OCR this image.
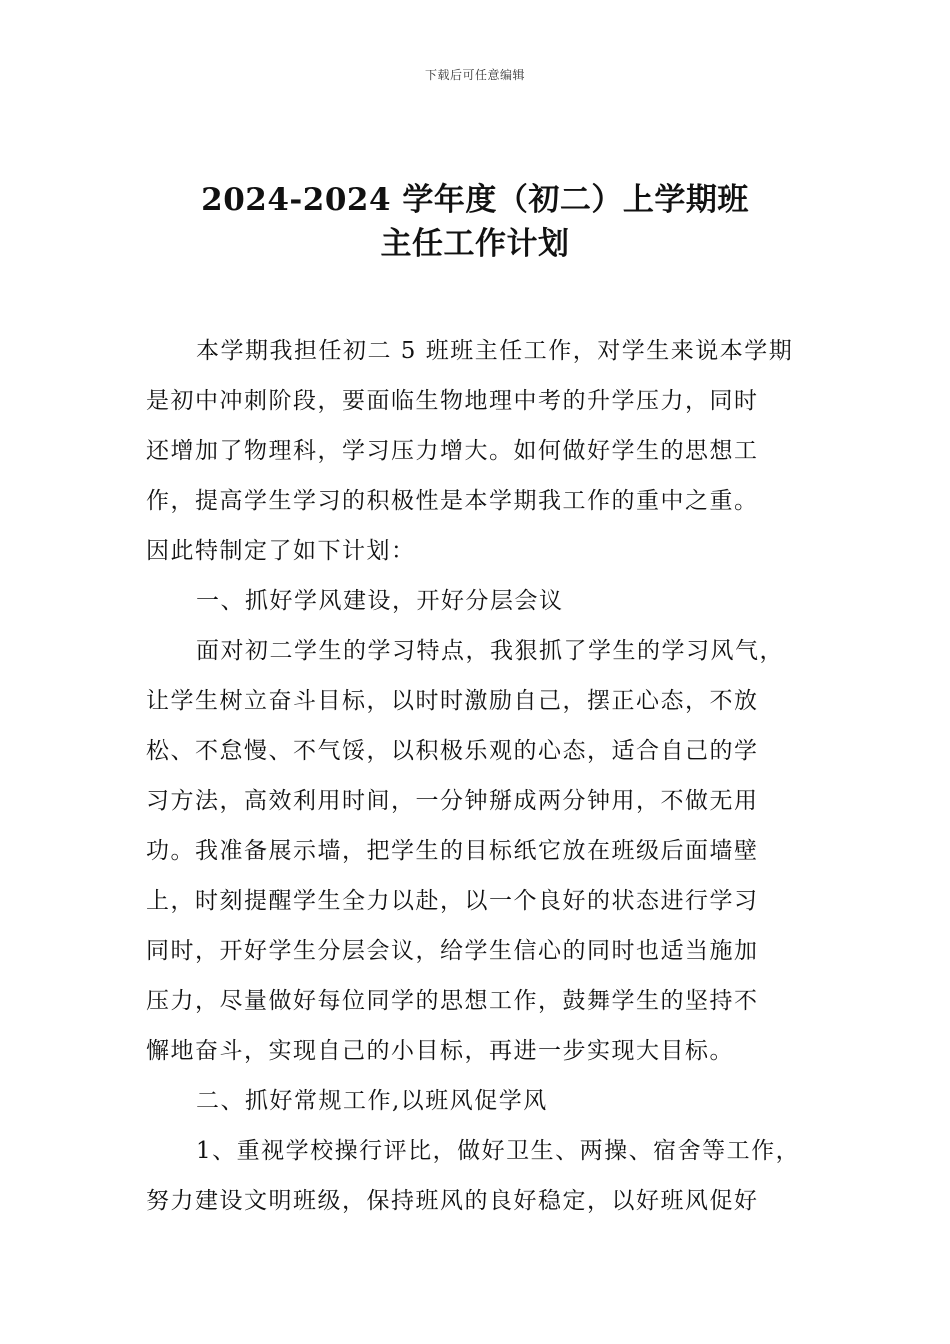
下载后可任意编辑
2024-2024 学年度（初二）上学期班
主任工作计划
本学期我担任初二 5 班班主任工作，对学生来说本学期
是初中冲刺阶段，要面临生物地理中考的升学压力，同时
还增加了物理科，学习压力增大。如何做好学生的思想工
作，提高学生学习的积极性是本学期我工作的重中之重。
因此特制定了如下计划：
一、抓好学风建设，开好分层会议
面对初二学生的学习特点，我狠抓了学生的学习风气，
让学生树立奋斗目标，以时时激励自己，摆正心态，不放
松、不怠慢、不气馁，以积极乐观的心态，适合自己的学
习方法，高效利用时间，一分钟掰成两分钟用，不做无用
功。我准备展示墙，把学生的目标纸它放在班级后面墙壁
上，时刻提醒学生全力以赴，以一个良好的状态进行学习
同时，开好学生分层会议，给学生信心的同时也适当施加
压力，尽量做好每位同学的思想工作，鼓舞学生的坚持不
懈地奋斗，实现自己的小目标，再进一步实现大目标。
二、抓好常规工作,以班风促学风
1、重视学校操行评比，做好卫生、两操、宿舍等工作，
努力建设文明班级，保持班风的良好稳定，以好班风促好
